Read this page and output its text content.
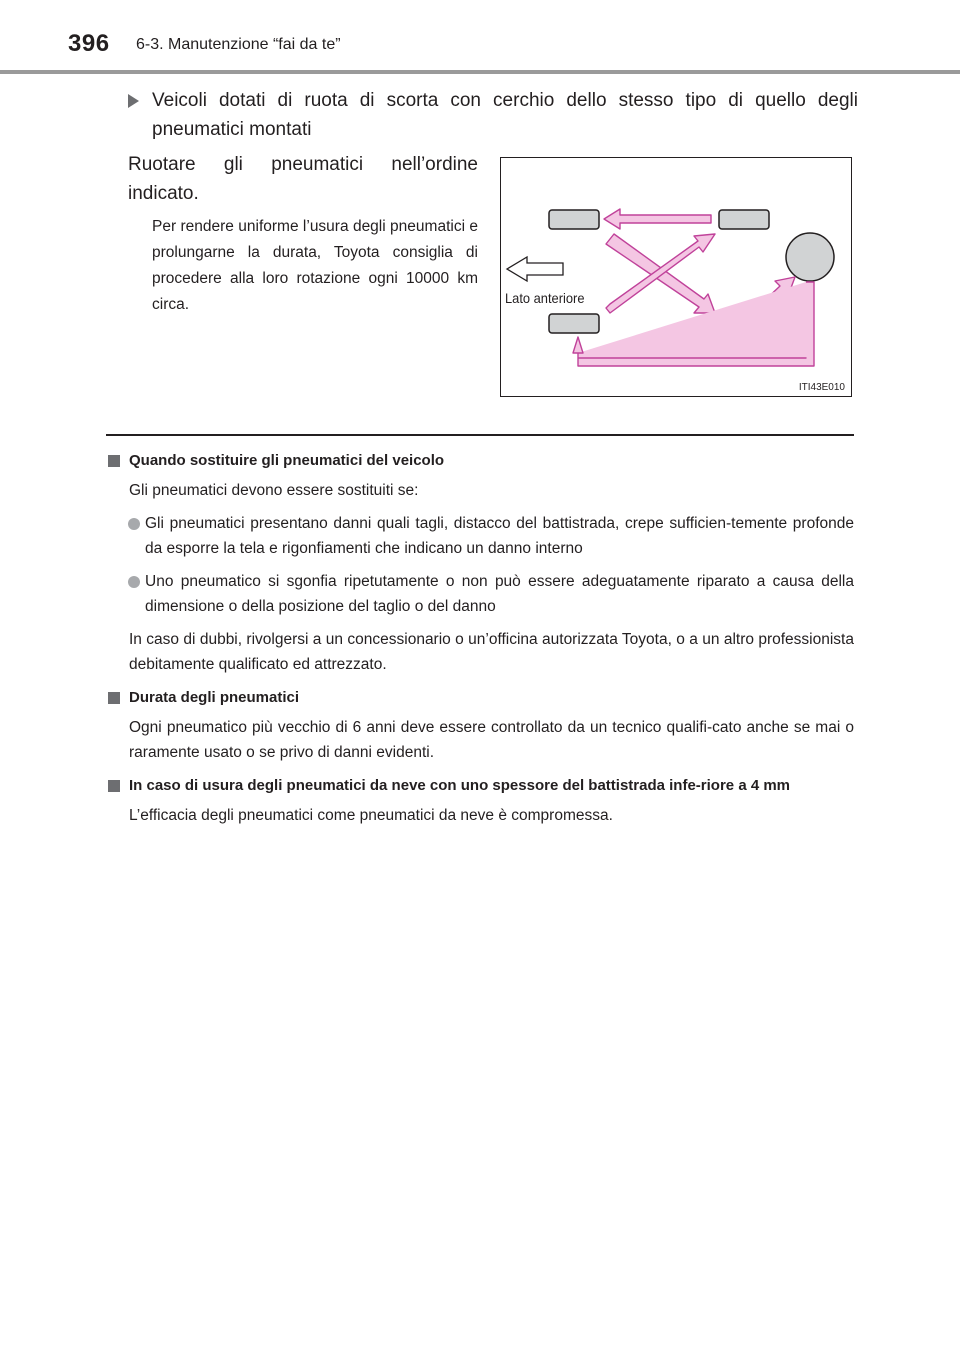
396 6-3. Manutenzione “fai da te”
Veicoli dotati di ruota di scorta con cerchio dello stesso tipo di quello degli pneumatici montati
Ruotare gli pneumatici nell’ordine indicato.
Per rendere uniforme l’usura degli pneumatici e prolungarne la durata, Toyota consiglia di procedere alla loro rotazione ogni 10000 km circa.	Lato anteriore
ITI43E010
Quando sostituire gli pneumatici del veicolo
Gli pneumatici devono essere sostituiti se:
Gli pneumatici presentano danni quali tagli, distacco del battistrada, crepe sufficien-temente profonde da esporre la tela e rigonfiamenti che indicano un danno interno
Uno pneumatico si sgonfia ripetutamente o non può essere adeguatamente riparato a causa della dimensione o della posizione del taglio o del danno
In caso di dubbi, rivolgersi a un concessionario o un’officina autorizzata Toyota, o a un altro professionista debitamente qualificato ed attrezzato.
Durata degli pneumatici
Ogni pneumatico più vecchio di 6 anni deve essere controllato da un tecnico qualifi-cato anche se mai o raramente usato o se privo di danni evidenti.
In caso di usura degli pneumatici da neve con uno spessore del battistrada infe-riore a 4 mm
L’efficacia degli pneumatici come pneumatici da neve è compromessa.
